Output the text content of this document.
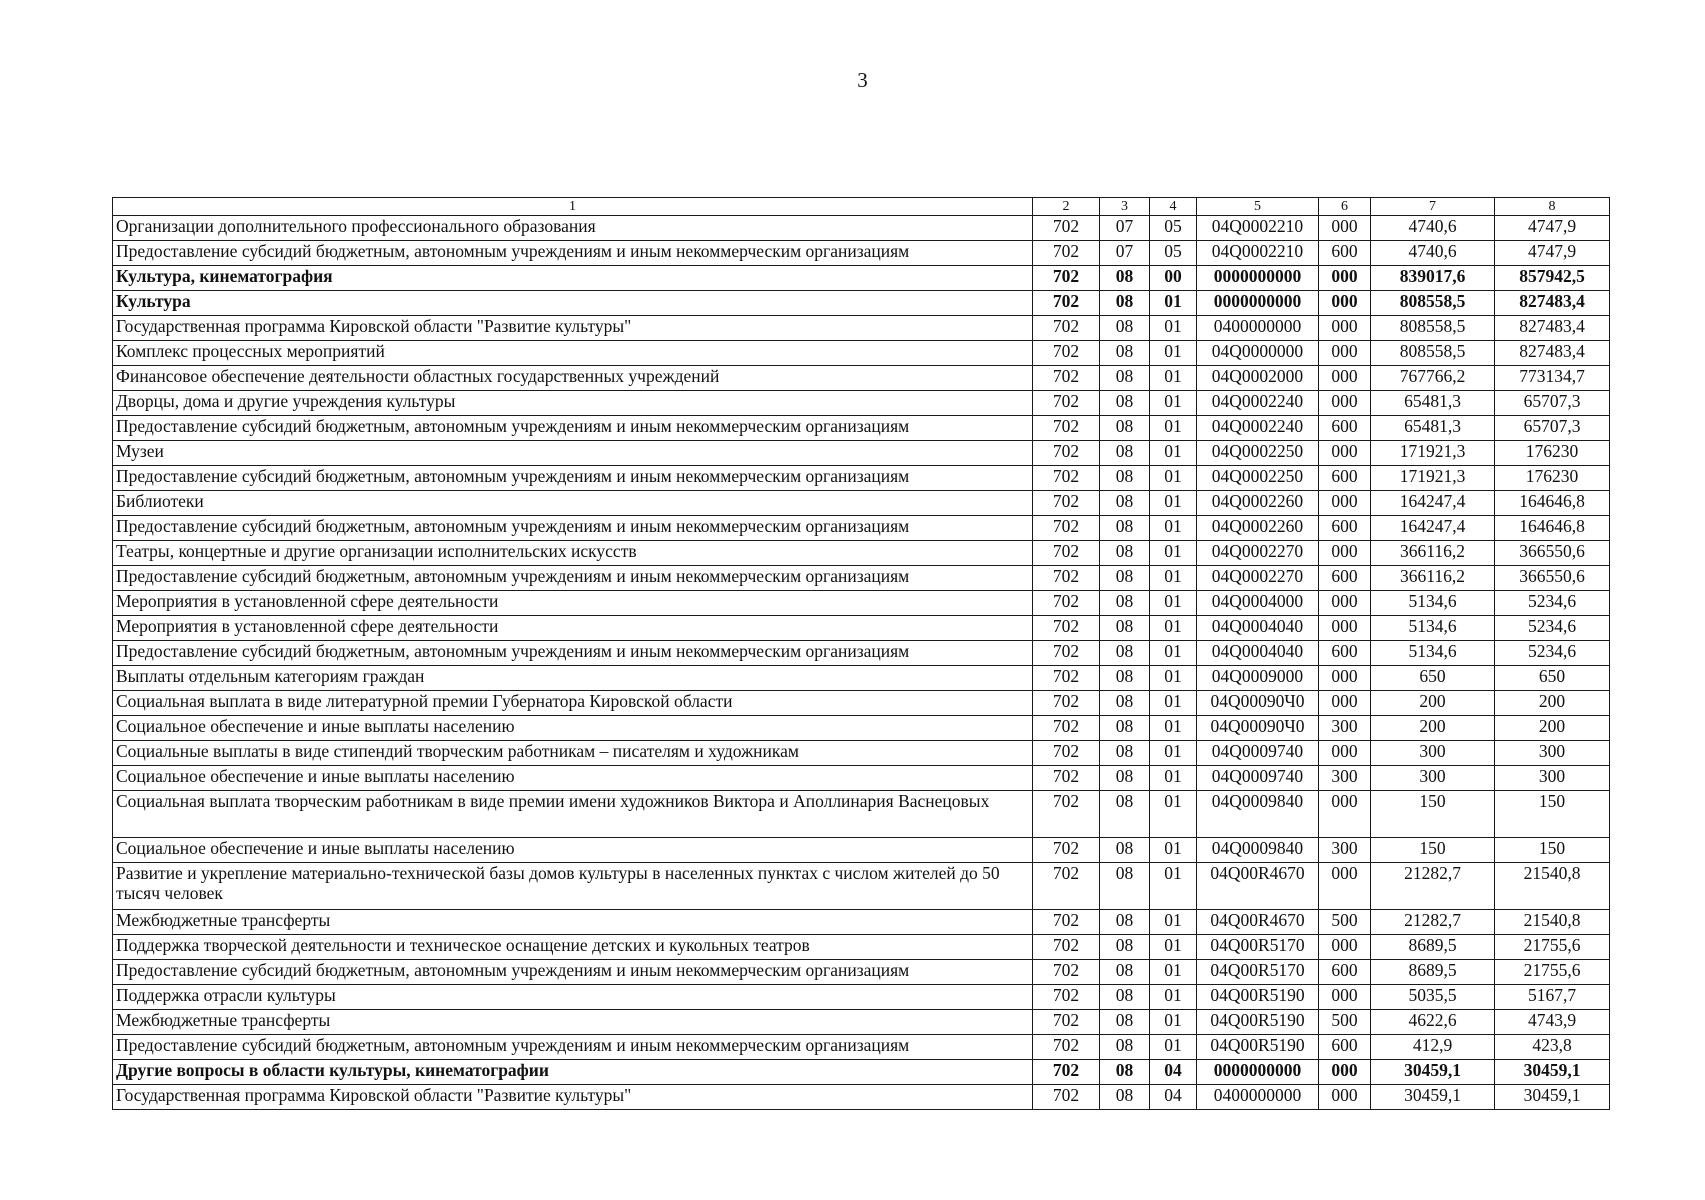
3
1	2	3	4	5	6	7	8
Организации дополнительного профессионального образования	702	07	05	04Q0002210	000	4740,6	4747,9
Предоставление субсидий бюджетным, автономным учреждениям и иным некоммерческим организациям	702	07	05	04Q0002210	600	4740,6	4747,9
Культура, кинематография	702	08	00	0000000000	000	839017,6	857942,5
Культура	702	08	01	0000000000	000	808558,5	827483,4
Государственная программа Кировской области "Развитие культуры"	702	08	01	0400000000	000	808558,5	827483,4
Комплекс процессных мероприятий	702	08	01	04Q0000000	000	808558,5	827483,4
Финансовое обеспечение деятельности областных государственных учреждений	702	08	01	04Q0002000	000	767766,2	773134,7
Дворцы, дома и другие учреждения культуры	702	08	01	04Q0002240	000	65481,3	65707,3
Предоставление субсидий бюджетным, автономным учреждениям и иным некоммерческим организациям	702	08	01	04Q0002240	600	65481,3	65707,3
Музеи	702	08	01	04Q0002250	000	171921,3	176230
Предоставление субсидий бюджетным, автономным учреждениям и иным некоммерческим организациям	702	08	01	04Q0002250	600	171921,3	176230
Библиотеки	702	08	01	04Q0002260	000	164247,4	164646,8
Предоставление субсидий бюджетным, автономным учреждениям и иным некоммерческим организациям	702	08	01	04Q0002260	600	164247,4	164646,8
Театры, концертные и другие организации исполнительских искусств	702	08	01	04Q0002270	000	366116,2	366550,6
Предоставление субсидий бюджетным, автономным учреждениям и иным некоммерческим организациям	702	08	01	04Q0002270	600	366116,2	366550,6
Мероприятия в установленной сфере деятельности	702	08	01	04Q0004000	000	5134,6	5234,6
Мероприятия в установленной сфере деятельности	702	08	01	04Q0004040	000	5134,6	5234,6
Предоставление субсидий бюджетным, автономным учреждениям и иным некоммерческим организациям	702	08	01	04Q0004040	600	5134,6	5234,6
Выплаты отдельным категориям граждан	702	08	01	04Q0009000	000	650	650
Социальная выплата в виде литературной премии Губернатора Кировской области	702	08	01	04Q00090Ч0	000	200	200
Социальное обеспечение и иные выплаты населению	702	08	01	04Q00090Ч0	300	200	200
Социальные выплаты в виде стипендий творческим работникам – писателям и художникам	702	08	01	04Q0009740	000	300	300
Социальное обеспечение и иные выплаты населению	702	08	01	04Q0009740	300	300	300
Социальная выплата творческим работникам в виде премии имени художников Виктора и Аполлинария Васнецовых	702	08	01	04Q0009840	000	150	150
Социальное обеспечение и иные выплаты населению	702	08	01	04Q0009840	300	150	150
Развитие и укрепление материально-технической базы домов культуры в населенных пунктах с числом жителей до 50 тысяч человек	702	08	01	04Q00R4670	000	21282,7	21540,8
Межбюджетные трансферты	702	08	01	04Q00R4670	500	21282,7	21540,8
Поддержка творческой деятельности и техническое оснащение детских и кукольных театров	702	08	01	04Q00R5170	000	8689,5	21755,6
Предоставление субсидий бюджетным, автономным учреждениям и иным некоммерческим организациям	702	08	01	04Q00R5170	600	8689,5	21755,6
Поддержка отрасли культуры	702	08	01	04Q00R5190	000	5035,5	5167,7
Межбюджетные трансферты	702	08	01	04Q00R5190	500	4622,6	4743,9
Предоставление субсидий бюджетным, автономным учреждениям и иным некоммерческим организациям	702	08	01	04Q00R5190	600	412,9	423,8
Другие вопросы в области культуры, кинематографии	702	08	04	0000000000	000	30459,1	30459,1
Государственная программа Кировской области "Развитие культуры"	702	08	04	0400000000	000	30459,1	30459,1
